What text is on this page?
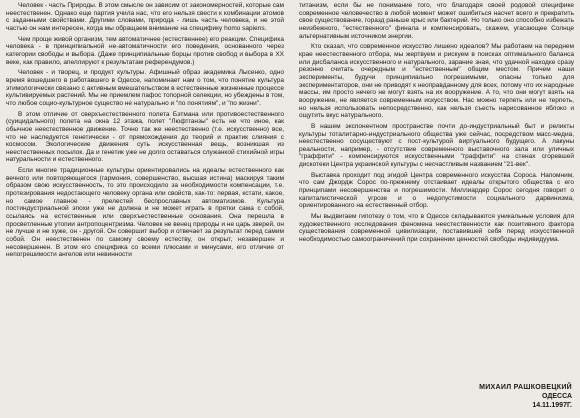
Человек - часть Природы. В этом смысле он зависим от закономерностей, которые сам неестественен. Однако еще партия учила нас, что его нельзя свести к комбинации атомов с заданными свойствами. Другими словами, природа - лишь часть человека, и не этой частью он нам интересен, когда мы обращаем внимание на специфику homo sapiens.

Чем проще живой организм, тем автоматичнее (естественнее) его реакции. Специфика человека - в принципиальной не-автоматичности его поведения, основанного через категории свободы и выбора. (Даже принципиальные борцы против свобод и выбора в XX веке, как правило, апеллируют к результатам референдумов.)

Человек - и творец, и продукт культуры. Афишный образ академика Лысенко, одно время вошедшего в работавшего в Одессе, напоминает нам о том, что понятие культура этимологически связано с активным вмешательством в естественные жизненные процессе культивируемых растений. Мы не приемлем пафос топорной селекции, но убеждены в том, что любое социо-культурное существо не натурально и "по понятиям", и "по жизни".

В этом отличие от сверхъестественного полета Бэтмана или противоестественного (суицидального) полета на окна 12 этажа, полет "Люфтганзы" есть не что иное, как обычное неестественное движение. Точно так же неестественно (т.е. искусственно) все, что не наследуется генетически - от прямохождения до теорий и практик слияния с космосом. Экологические движения суть искусственная вещь, возникшая из неестественных посылок. Да и генетик уже не долго оставаться служанкой стихийной игры натуральности и естественного.

Если многие традиционные культуры ориентировались на идеалы естественного как вечного или повторяющегося (гармония, совершенство, высшая истина) маскируя таким образом свою искусственность, то это происходило за необходимости компенсации, т.е. протезирования недостающего человеку органа или свойств, как-то: первая, кстати, какое, но самое главное - прелестей беспрославных автоматизмов. Культура постиндустриальной эпохи уже не должна и не может играть в прятки сама с собой, ссылаясь на естественные или сверхъестественные основания. Она перешла в просветленные утопии антропоцентризма. Человек не венец природы и не царь зверей, он не лучше и не хуже, он - другой. Он совершит выбор и отвечает за результат перед самим собой. Он неестественен по самому своему естеству, он открыт, незавершен и несовершенен. В этом его специфика со всеми плюсами и минусами, его отличие от непогрешимости ангелов или невинности

титанизм, если бы не понимание того, что благодаря своей родовой специфике современное человечество в любой момент может ошибиться насчет всего и прекратить свое существование, горазд раньше крыс или бактерий. Но только оно способно избежать неизбежного, "естественного" финала и компенсировать, скажем, угасающее Солнце альтернативным источником энергии.

Кто сказал, что современное искусство лишено идеалов? Мы работаем на переднем крае неестественного отбора, мы жертвуем и рискуем в поисках оптимального баланса или дисбаланса искусственного и натурального, зарание зная, что удачной находке сразу резонно считать очередным и "естественным" общим местом. Причем наши эксперименты, будучи принципиально погрешимыми, опасны только для экспериментаторов, они не приводят к неоправданному для всех, потому что их народные массы, им просто нечего не могут взять на их вооружение. А то, что они могут взять на вооружение, не является современным искусством. Нас можно терпеть или не терпеть, но нельзя использовать непосредственно, как нельзя съесть нарисованное яблоко и ощутить вкус натурального.

В нашем экспонентном пространстве почти до-индустриальный быт и реликты культуры тоталитарно-индустриального общества уже сейчас, посредством масс-медиа, неестественно сосуществуют с пост-культурой виртуального будущего. А лакуны реальности, например, - отсутствие современного выставочного зала или уличных "граффити" - компенсируются искусственными "граффити" на стенах сгоревшей дискотеки Центра украинской культуры с несчастливым названием "21-век".

Выставка проходит под эгидой Центра современного искусства Сороса. Напомним, что сам Джордж Сорос по-прежнему отстаивает идеалы открытого общества с его принципами несовершенства и погрешимости. Миллиардер Сорос сегодня говорит о капиталистической угрозе и о недопустимости социального дарвинизма, ориентированного на естественный отбор.

Мы выдвигаем гипотезу о том, что в Одессе складываются уникальные условия для художественного исследования феномена неестественности как позитивного фактора существования современной цивилизации, поставившей себя перед искусственной необходимостью самоограничений при сохранении ценностей свободы индивидуума.

МИХАИЛ РАШКОВЕЦКИЙ
ОДЕССА
14.11.1997Г.
